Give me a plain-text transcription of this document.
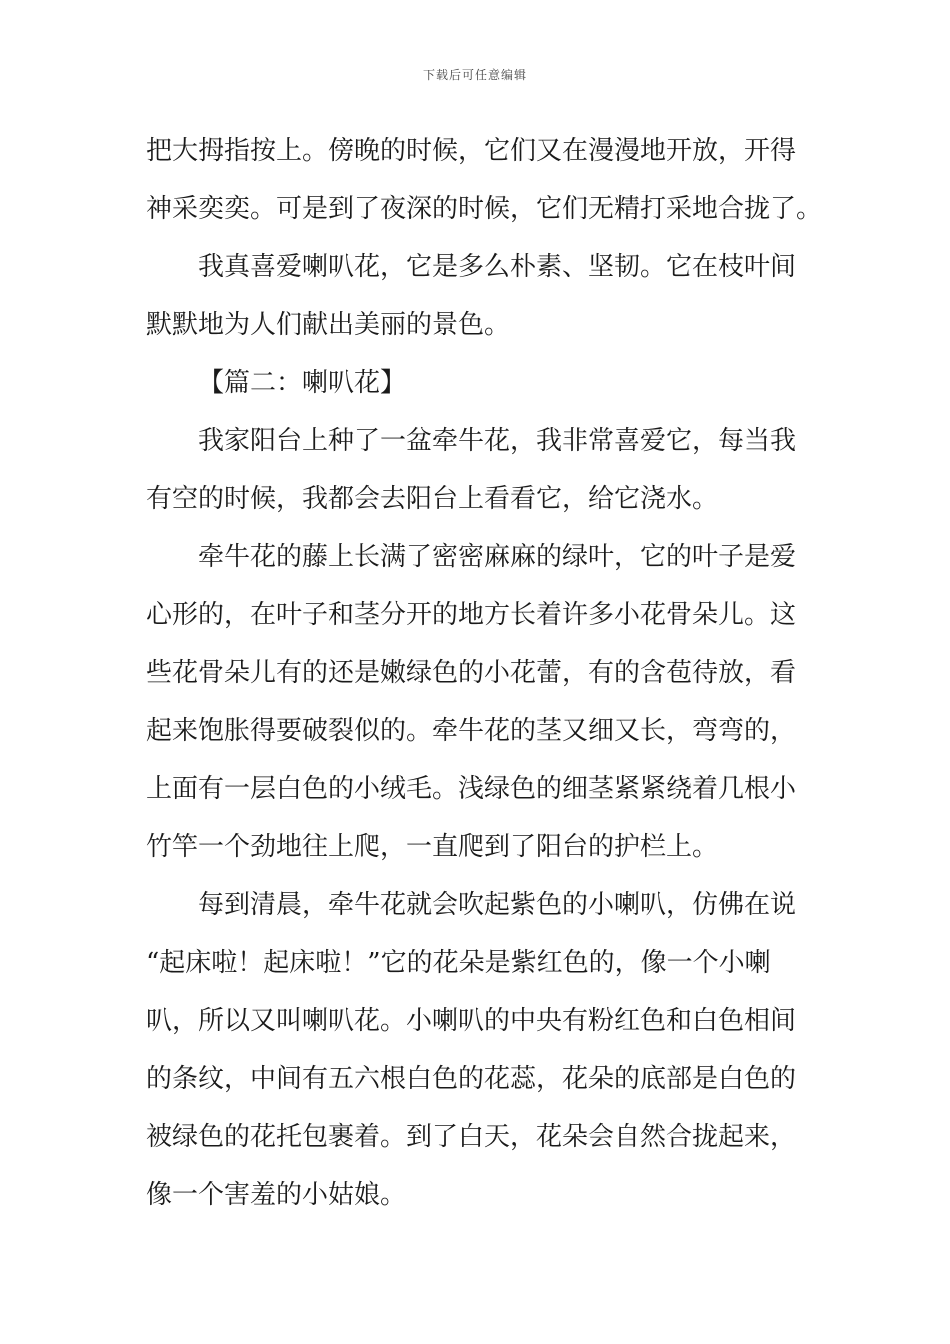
下载后可任意编辑
把大拇指按上。傍晚的时候，它们又在漫漫地开放，开得
神采奕奕。可是到了夜深的时候，它们无精打采地合拢了。
我真喜爱喇叭花，它是多么朴素、坚韧。它在枝叶间
默默地为人们献出美丽的景色。
【篇二：喇叭花】
我家阳台上种了一盆牵牛花，我非常喜爱它，每当我
有空的时候，我都会去阳台上看看它，给它浇水。
牵牛花的藤上长满了密密麻麻的绿叶，它的叶子是爱
心形的，在叶子和茎分开的地方长着许多小花骨朵儿。这
些花骨朵儿有的还是嫩绿色的小花蕾，有的含苞待放，看
起来饱胀得要破裂似的。牵牛花的茎又细又长，弯弯的，
上面有一层白色的小绒毛。浅绿色的细茎紧紧绕着几根小
竹竿一个劲地往上爬，一直爬到了阳台的护栏上。
每到清晨，牵牛花就会吹起紫色的小喇叭，仿佛在说
“起床啦！起床啦！”它的花朵是紫红色的，像一个小喇
叭，所以又叫喇叭花。小喇叭的中央有粉红色和白色相间
的条纹，中间有五六根白色的花蕊，花朵的底部是白色的
被绿色的花托包裹着。到了白天，花朵会自然合拢起来，
像一个害羞的小姑娘。
